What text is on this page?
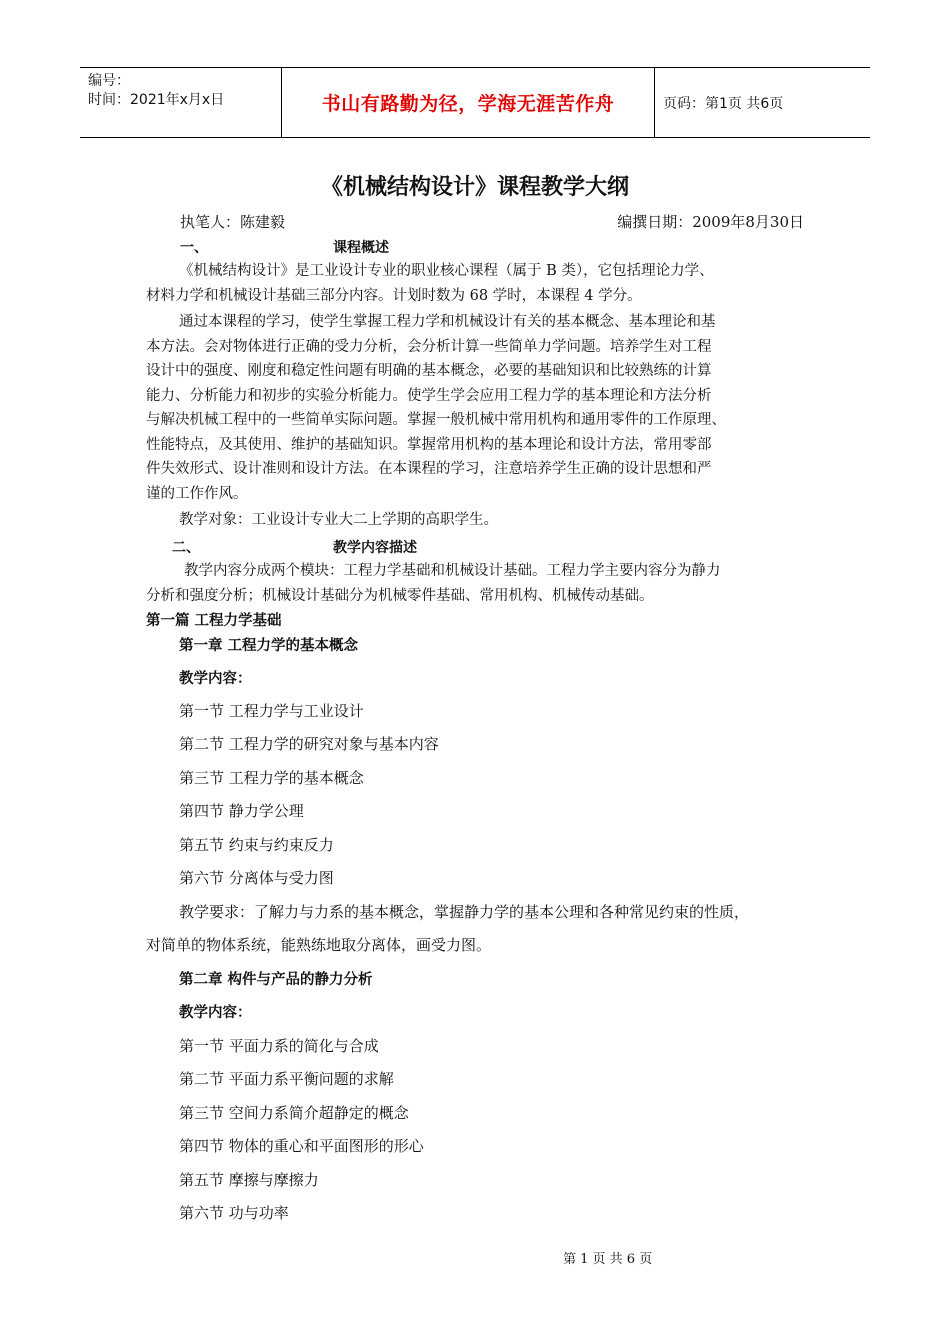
编号：
时间：2021年x月x日	书山有路勤为径，学海无涯苦作舟	页码：第1页 共6页
《机械结构设计》课程教学大纲
执笔人：陈建毅	编撰日期：2009年8月30日
一、	课程概述
《机械结构设计》是工业设计专业的职业核心课程（属于 B 类），它包括理论力学、
材料力学和机械设计基础三部分内容。计划时数为 68 学时，本课程 4 学分。
通过本课程的学习，使学生掌握工程力学和机械设计有关的基本概念、基本理论和基
本方法。会对物体进行正确的受力分析，会分析计算一些简单力学问题。培养学生对工程
设计中的强度、刚度和稳定性问题有明确的基本概念，必要的基础知识和比较熟练的计算
能力、分析能力和初步的实验分析能力。使学生学会应用工程力学的基本理论和方法分析
与解决机械工程中的一些简单实际问题。掌握一般机械中常用机构和通用零件的工作原理、
性能特点，及其使用、维护的基础知识。掌握常用机构的基本理论和设计方法，常用零部
件失效形式、设计准则和设计方法。在本课程的学习，注意培养学生正确的设计思想和严
谨的工作作风。
教学对象：工业设计专业大二上学期的高职学生。
二、	教学内容描述
教学内容分成两个模块：工程力学基础和机械设计基础。工程力学主要内容分为静力
分析和强度分析；机械设计基础分为机械零件基础、常用机构、机械传动基础。
第一篇 工程力学基础
第一章 工程力学的基本概念
教学内容：
第一节 工程力学与工业设计
第二节 工程力学的研究对象与基本内容
第三节 工程力学的基本概念
第四节 静力学公理
第五节 约束与约束反力
第六节 分离体与受力图
教学要求：了解力与力系的基本概念，掌握静力学的基本公理和各种常见约束的性质，
对简单的物体系统，能熟练地取分离体，画受力图。
第二章 构件与产品的静力分析
教学内容：
第一节 平面力系的简化与合成
第二节 平面力系平衡问题的求解
第三节 空间力系简介超静定的概念
第四节 物体的重心和平面图形的形心
第五节 摩擦与摩擦力
第六节 功与功率
第 1 页 共 6 页
